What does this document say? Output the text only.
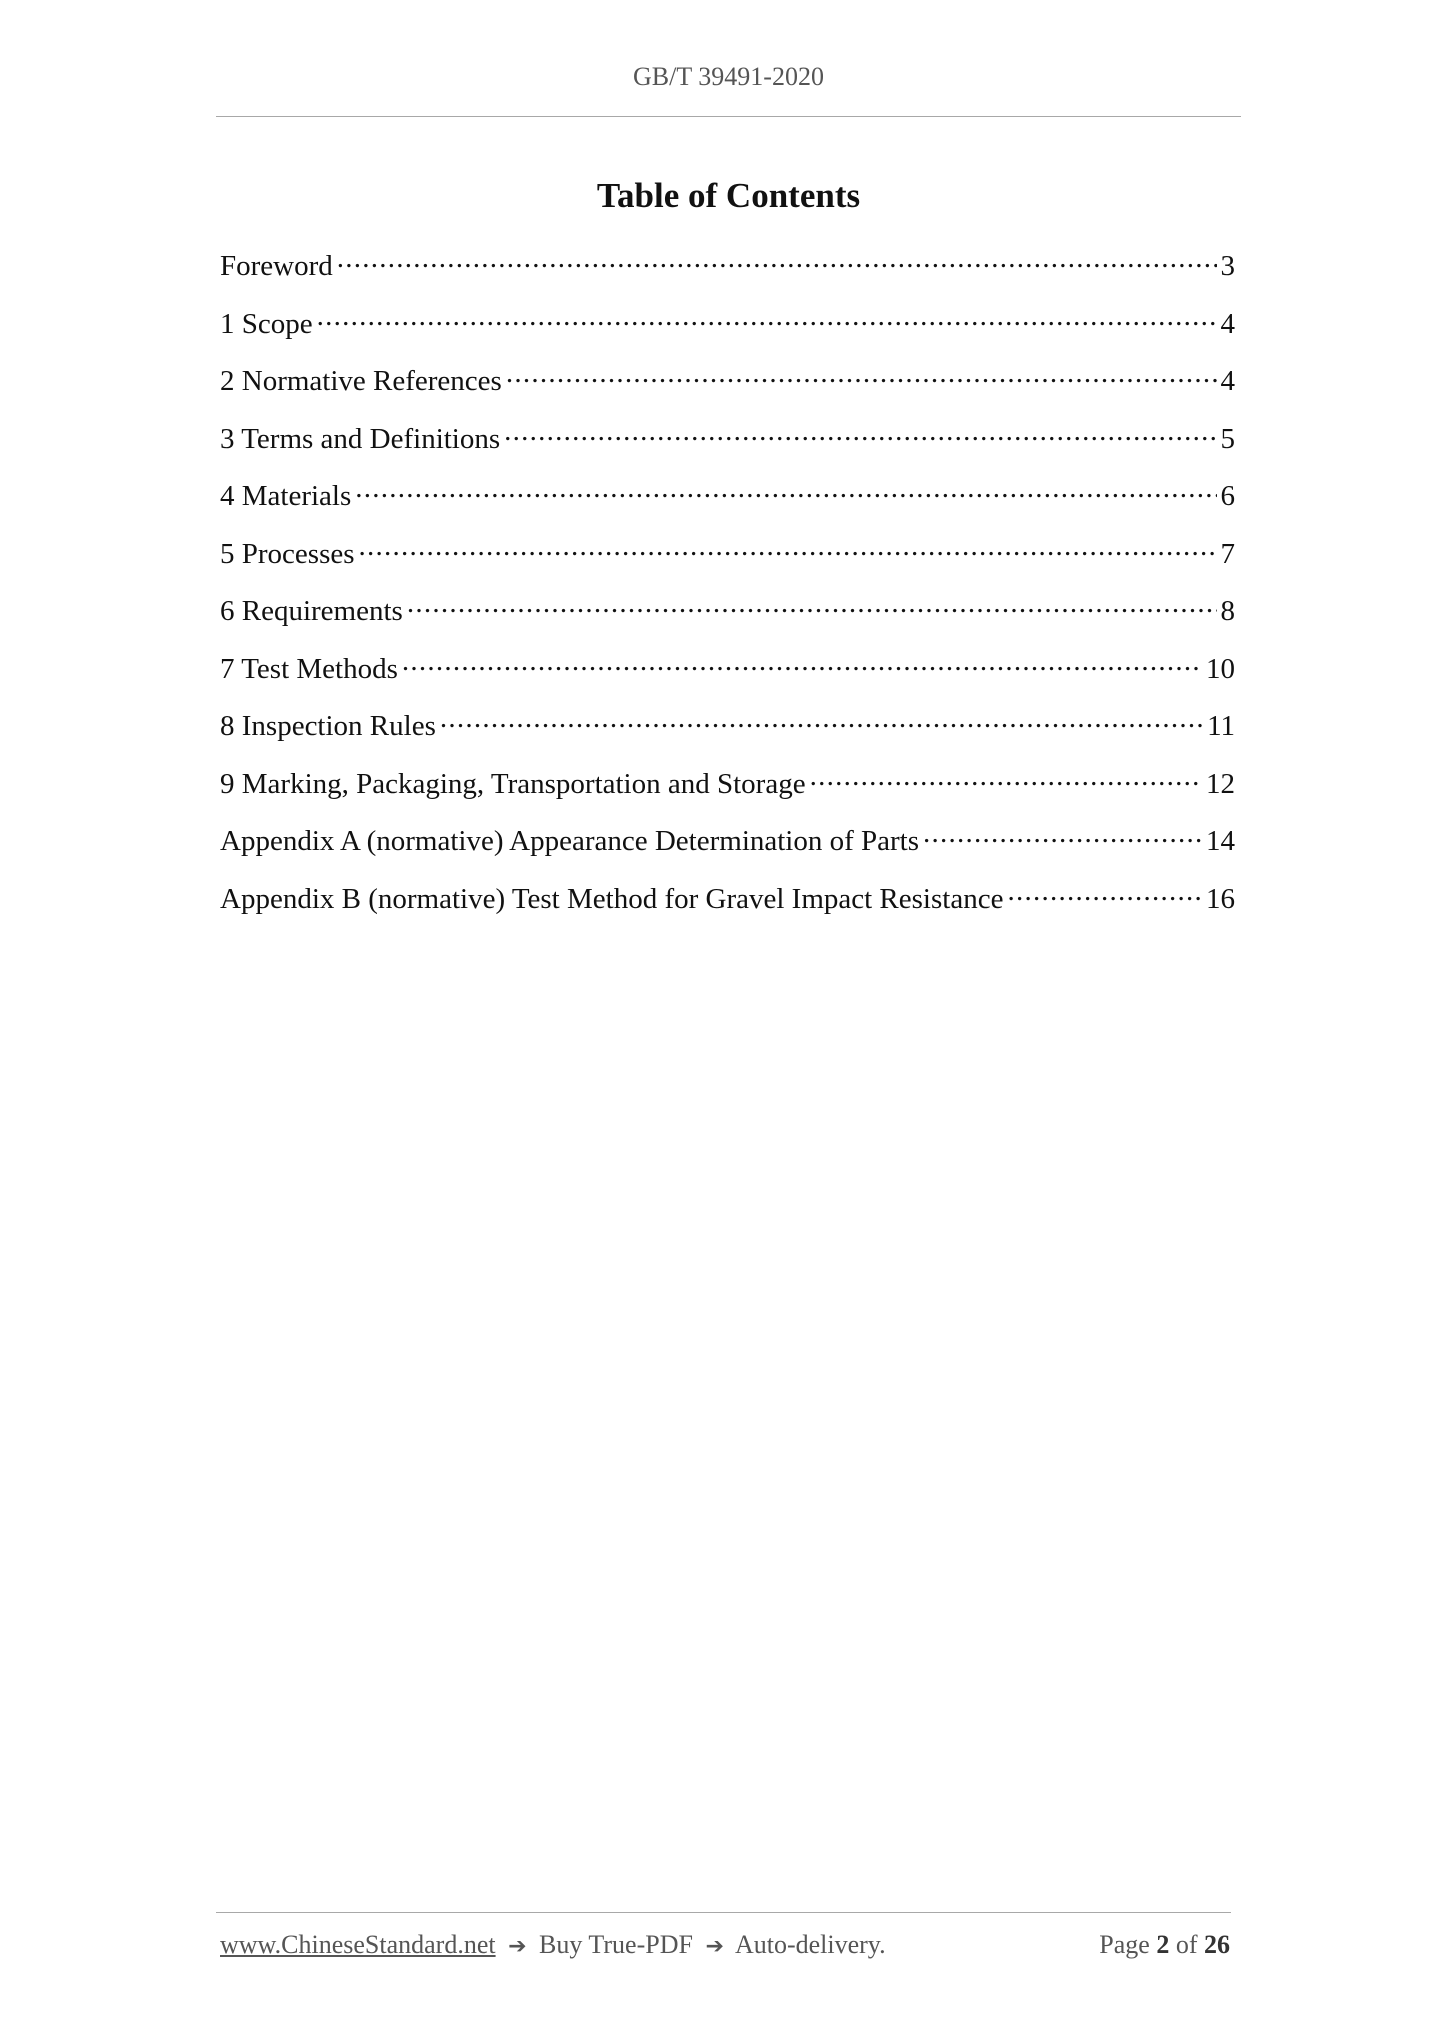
GB/T 39491-2020
Table of Contents
Foreword . . .	3
1 Scope . . .	4
2 Normative References . . .	4
3 Terms and Definitions . . .	5
4 Materials . . .	6
5 Processes . . .	7
6 Requirements . . .	8
7 Test Methods . . .	10
8 Inspection Rules . . .	11
9 Marking, Packaging, Transportation and Storage . . .	12
Appendix A (normative) Appearance Determination of Parts . . .	14
Appendix B (normative) Test Method for Gravel Impact Resistance . . .	16
www.ChineseStandard.net ➔ Buy True-PDF ➔ Auto-delivery.	Page 2 of 26
